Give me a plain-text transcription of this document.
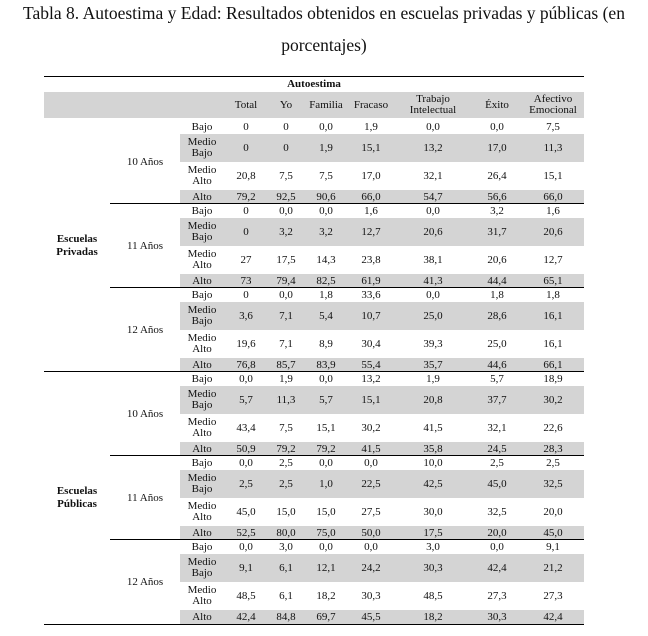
Tabla 8. Autoestima y Edad: Resultados obtenidos en escuelas privadas y públicas (en
porcentajes)
Autoestima
Total	Yo	Familia	Fracaso	Trabajo Intelectual	Éxito	Afectivo Emocional
Escuelas Privadas
10 Años
Bajo	0	0	0,0	1,9	0,0	0,0	7,5
Medio Bajo	0	0	1,9	15,1	13,2	17,0	11,3
Medio Alto	20,8	7,5	7,5	17,0	32,1	26,4	15,1
Alto	79,2	92,5	90,6	66,0	54,7	56,6	66,0
11 Años
Bajo	0	0,0	0,0	1,6	0,0	3,2	1,6
Medio Bajo	0	3,2	3,2	12,7	20,6	31,7	20,6
Medio Alto	27	17,5	14,3	23,8	38,1	20,6	12,7
Alto	73	79,4	82,5	61,9	41,3	44,4	65,1
12 Años
Bajo	0	0,0	1,8	33,6	0,0	1,8	1,8
Medio Bajo	3,6	7,1	5,4	10,7	25,0	28,6	16,1
Medio Alto	19,6	7,1	8,9	30,4	39,3	25,0	16,1
Alto	76,8	85,7	83,9	55,4	35,7	44,6	66,1
Escuelas Públicas
10 Años
Bajo	0,0	1,9	0,0	13,2	1,9	5,7	18,9
Medio Bajo	5,7	11,3	5,7	15,1	20,8	37,7	30,2
Medio Alto	43,4	7,5	15,1	30,2	41,5	32,1	22,6
Alto	50,9	79,2	79,2	41,5	35,8	24,5	28,3
11 Años
Bajo	0,0	2,5	0,0	0,0	10,0	2,5	2,5
Medio Bajo	2,5	2,5	1,0	22,5	42,5	45,0	32,5
Medio Alto	45,0	15,0	15,0	27,5	30,0	32,5	20,0
Alto	52,5	80,0	75,0	50,0	17,5	20,0	45,0
12 Años
Bajo	0,0	3,0	0,0	0,0	3,0	0,0	9,1
Medio Bajo	9,1	6,1	12,1	24,2	30,3	42,4	21,2
Medio Alto	48,5	6,1	18,2	30,3	48,5	27,3	27,3
Alto	42,4	84,8	69,7	45,5	18,2	30,3	42,4
